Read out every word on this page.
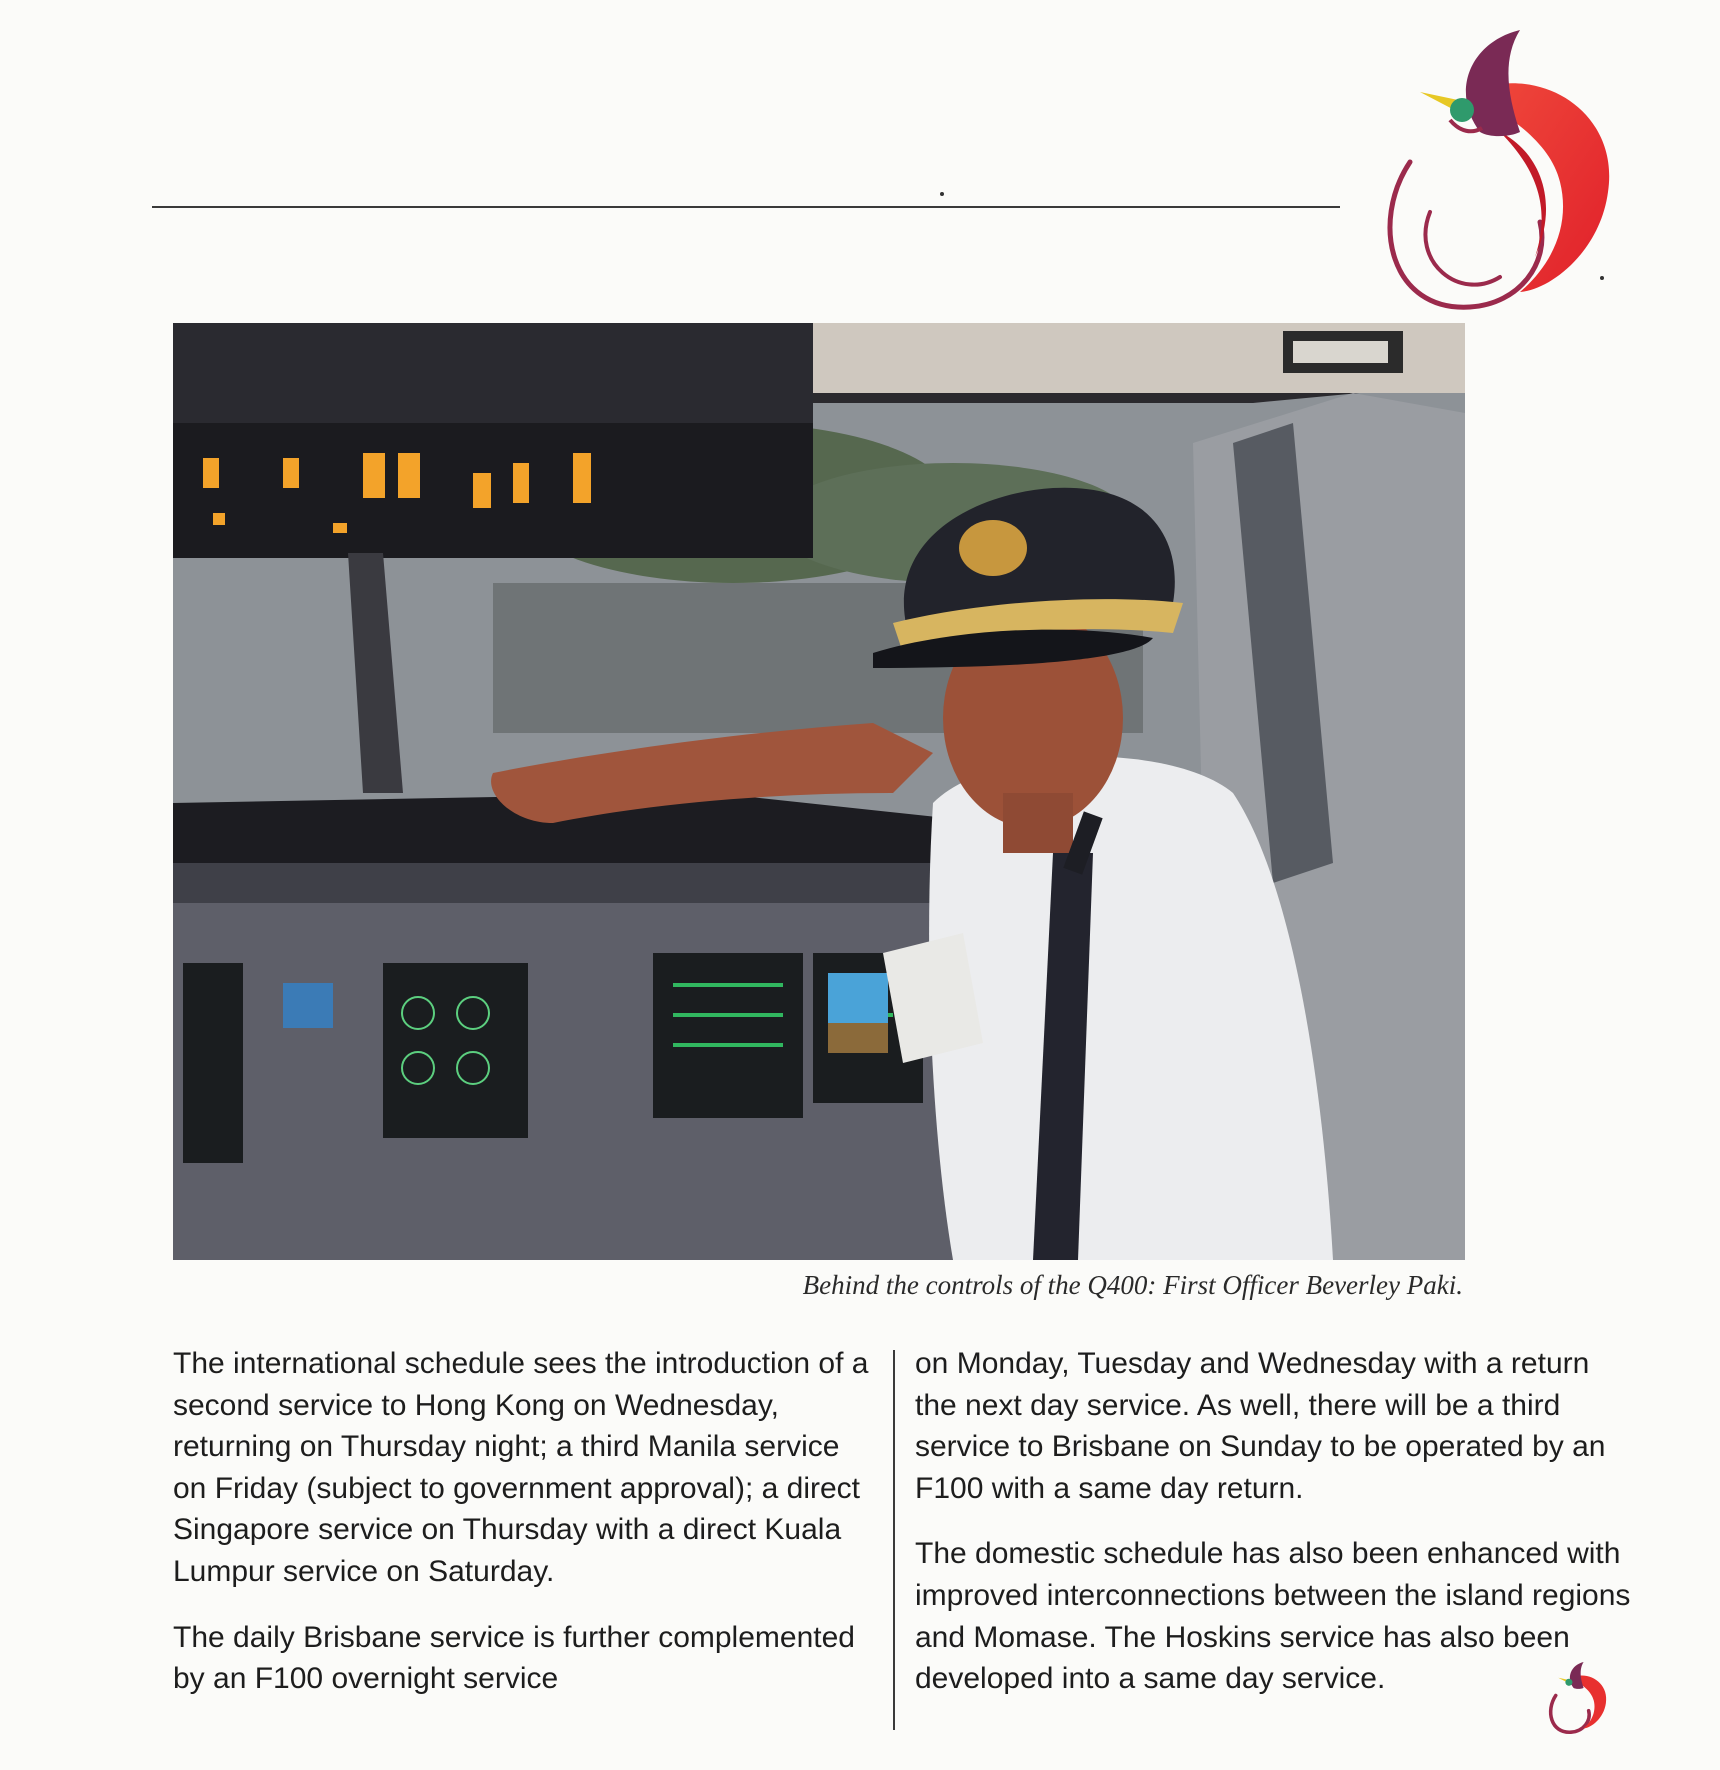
Behind the controls of the Q400: First Officer Beverley Paki.

The international schedule sees the introduction of a second service to Hong Kong on Wednesday, returning on Thursday night; a third Manila service on Friday (subject to government approval); a direct Singapore service on Thursday with a direct Kuala Lumpur service on Saturday.

The daily Brisbane service is further complemented by an F100 overnight service

on Monday, Tuesday and Wednesday with a return the next day service. As well, there will be a third service to Brisbane on Sunday to be operated by an F100 with a same day return.

The domestic schedule has also been enhanced with improved interconnections between the island regions and Momase. The Hoskins service has also been developed into a same day service.
